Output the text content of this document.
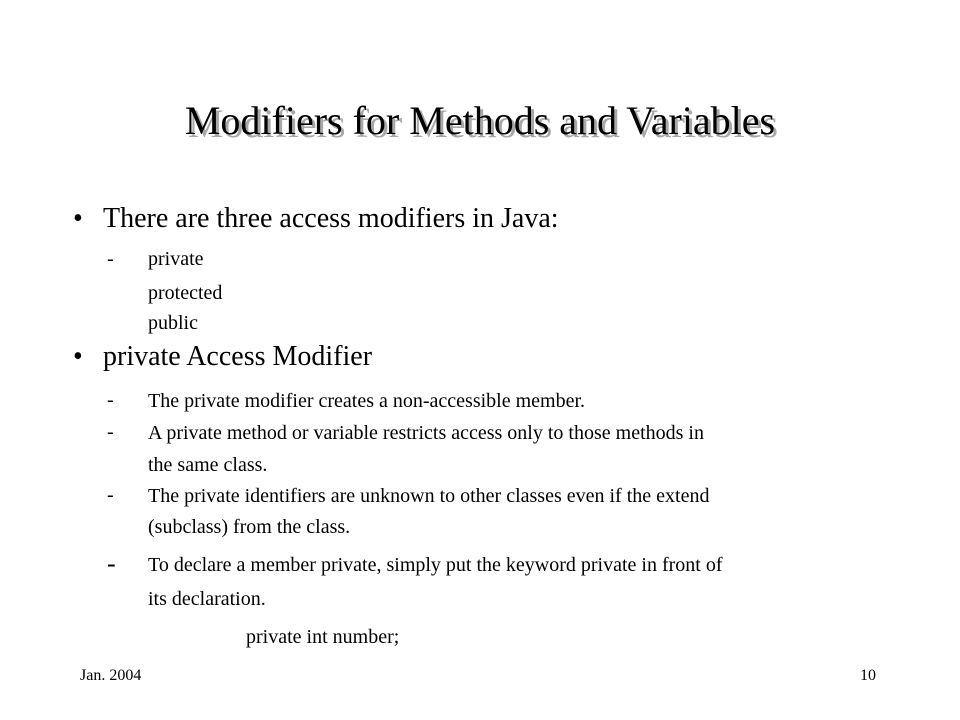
Modifiers for Methods and Variables
• There are three access modifiers in Java:
- private
protected
public
• private Access Modifier
- The private modifier creates a non-accessible member.
- A private method or variable restricts access only to those methods in
the same class.
- The private identifiers are unknown to other classes even if the extend
(subclass) from the class.
- To declare a member private, simply put the keyword private in front of
its declaration.
private int number;
Jan. 2004	10
